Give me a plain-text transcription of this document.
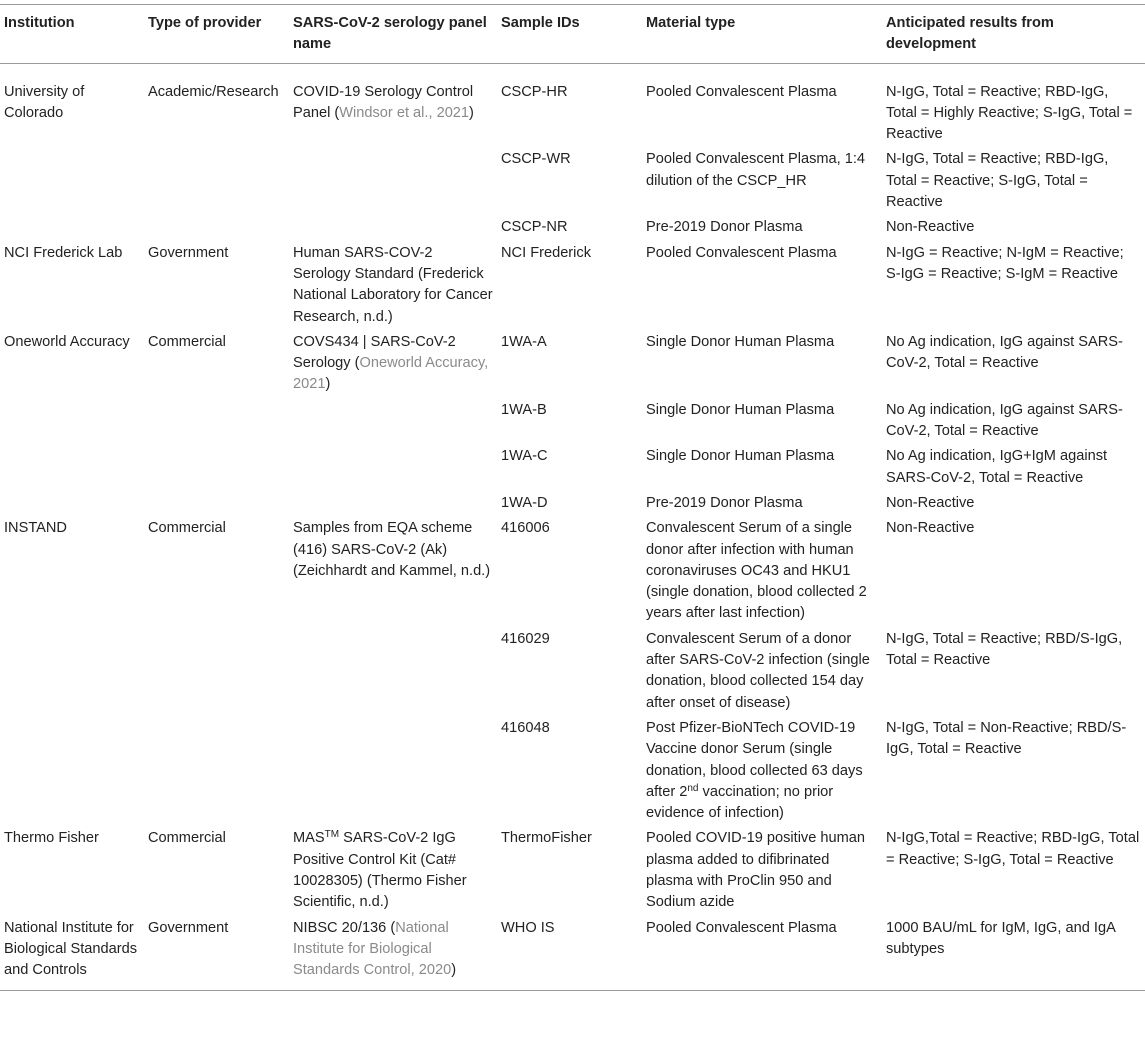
Institution	Type of provider	SARS-CoV-2 serology panel name	Sample IDs	Material type	Anticipated results from development
University of Colorado	Academic/Research	COVID-19 Serology Control Panel (Windsor et al., 2021)	CSCP-HR	Pooled Convalescent Plasma	N-IgG, Total = Reactive; RBD-IgG, Total = Highly Reactive; S-IgG, Total = Reactive
			CSCP-WR	Pooled Convalescent Plasma, 1:4 dilution of the CSCP_HR	N-IgG, Total = Reactive; RBD-IgG, Total = Reactive; S-IgG, Total = Reactive
			CSCP-NR	Pre-2019 Donor Plasma	Non-Reactive
NCI Frederick Lab	Government	Human SARS-COV-2 Serology Standard (Frederick National Laboratory for Cancer Research, n.d.)	NCI Frederick	Pooled Convalescent Plasma	N-IgG = Reactive; N-IgM = Reactive; S-IgG = Reactive; S-IgM = Reactive
Oneworld Accuracy	Commercial	COVS434 | SARS-CoV-2 Serology (Oneworld Accuracy, 2021)	1WA-A	Single Donor Human Plasma	No Ag indication, IgG against SARS-CoV-2, Total = Reactive
			1WA-B	Single Donor Human Plasma	No Ag indication, IgG against SARS-CoV-2, Total = Reactive
			1WA-C	Single Donor Human Plasma	No Ag indication, IgG+IgM against SARS-CoV-2, Total = Reactive
			1WA-D	Pre-2019 Donor Plasma	Non-Reactive
INSTAND	Commercial	Samples from EQA scheme (416) SARS-CoV-2 (Ak) (Zeichhardt and Kammel, n.d.)	416006	Convalescent Serum of a single donor after infection with human coronaviruses OC43 and HKU1 (single donation, blood collected 2 years after last infection)	Non-Reactive
			416029	Convalescent Serum of a donor after SARS-CoV-2 infection (single donation, blood collected 154 day after onset of disease)	N-IgG, Total = Reactive; RBD/S-IgG, Total = Reactive
			416048	Post Pfizer-BioNTech COVID-19 Vaccine donor Serum (single donation, blood collected 63 days after 2nd vaccination; no prior evidence of infection)	N-IgG, Total = Non-Reactive; RBD/S-IgG, Total = Reactive
Thermo Fisher	Commercial	MAS™ SARS-CoV-2 IgG Positive Control Kit (Cat# 10028305) (Thermo Fisher Scientific, n.d.)	ThermoFisher	Pooled COVID-19 positive human plasma added to difibrinated plasma with ProClin 950 and Sodium azide	N-IgG,Total = Reactive; RBD-IgG, Total = Reactive; S-IgG, Total = Reactive
National Institute for Biological Standards and Controls	Government	NIBSC 20/136 (National Institute for Biological Standards Control, 2020)	WHO IS	Pooled Convalescent Plasma	1000 BAU/mL for IgM, IgG, and IgA subtypes
